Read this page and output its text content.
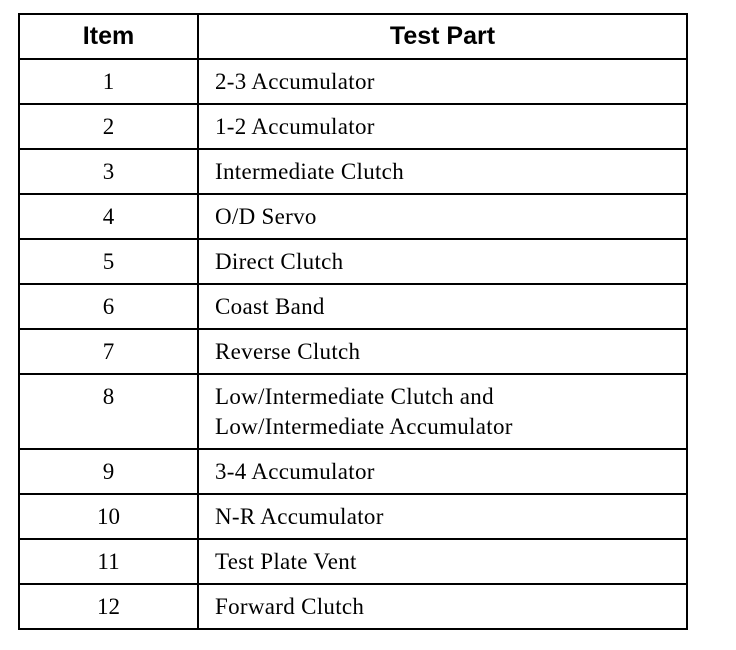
Item	Test Part
1	2-3 Accumulator

2	1-2 Accumulator

3	Intermediate Clutch

4	O/D Servo

5	Direct Clutch

6	Coast Band

7	Reverse Clutch

8	Low/Intermediate Clutch and
Low/Intermediate Accumulator

9	3-4 Accumulator

10	N-R Accumulator

11	Test Plate Vent

12	Forward Clutch
